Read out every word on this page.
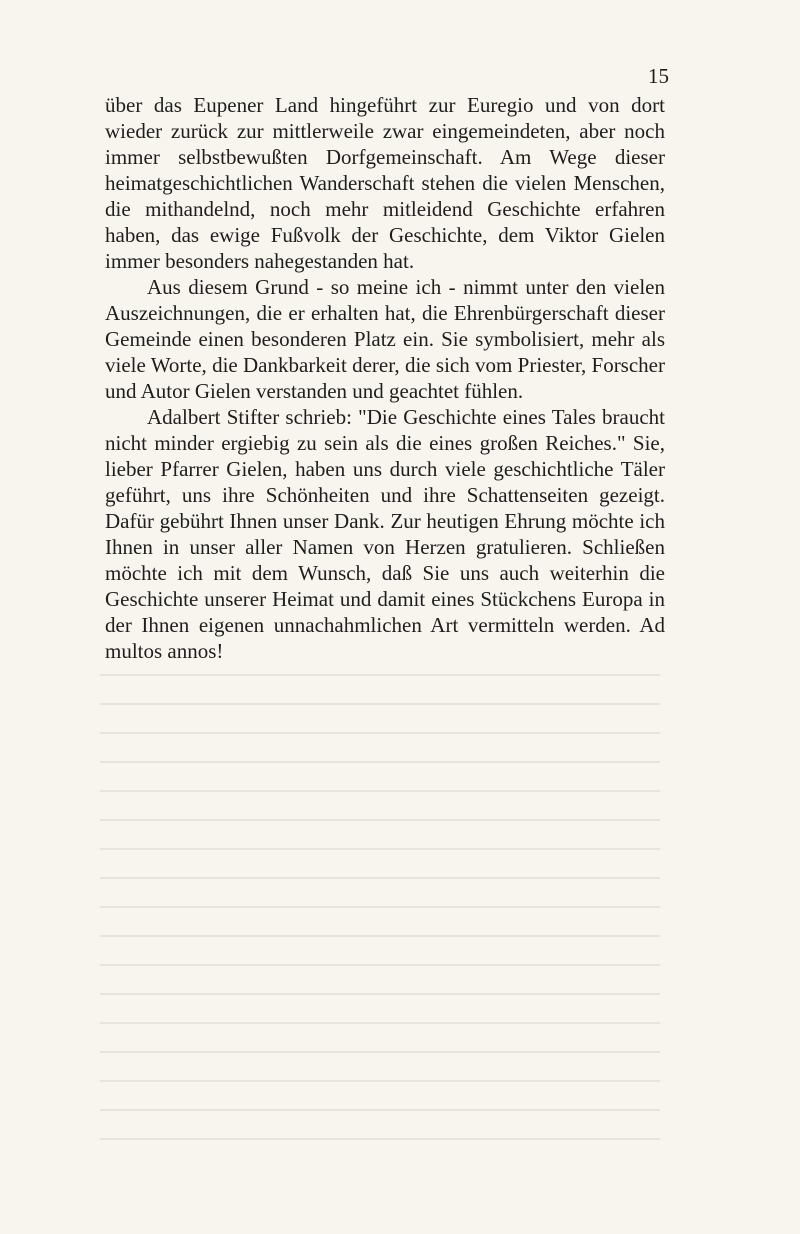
15

über das Eupener Land hingeführt zur Euregio und von dort wieder zurück zur mittlerweile zwar eingemeindeten, aber noch immer selbstbewußten Dorfgemeinschaft. Am Wege dieser heimatgeschichtlichen Wanderschaft stehen die vielen Menschen, die mithandelnd, noch mehr mitleidend Geschichte erfahren haben, das ewige Fußvolk der Geschichte, dem Viktor Gielen immer besonders nahegestanden hat.

Aus diesem Grund - so meine ich - nimmt unter den vielen Auszeichnungen, die er erhalten hat, die Ehrenbürgerschaft dieser Gemeinde einen besonderen Platz ein. Sie symbolisiert, mehr als viele Worte, die Dankbarkeit derer, die sich vom Priester, Forscher und Autor Gielen verstanden und geachtet fühlen.

Adalbert Stifter schrieb: "Die Geschichte eines Tales braucht nicht minder ergiebig zu sein als die eines großen Reiches." Sie, lieber Pfarrer Gielen, haben uns durch viele geschichtliche Täler geführt, uns ihre Schönheiten und ihre Schattenseiten gezeigt. Dafür gebührt Ihnen unser Dank. Zur heutigen Ehrung möchte ich Ihnen in unser aller Namen von Herzen gratulieren. Schließen möchte ich mit dem Wunsch, daß Sie uns auch weiterhin die Geschichte unserer Heimat und damit eines Stückchens Europa in der Ihnen eigenen unnachahmlichen Art vermitteln werden. Ad multos annos!
